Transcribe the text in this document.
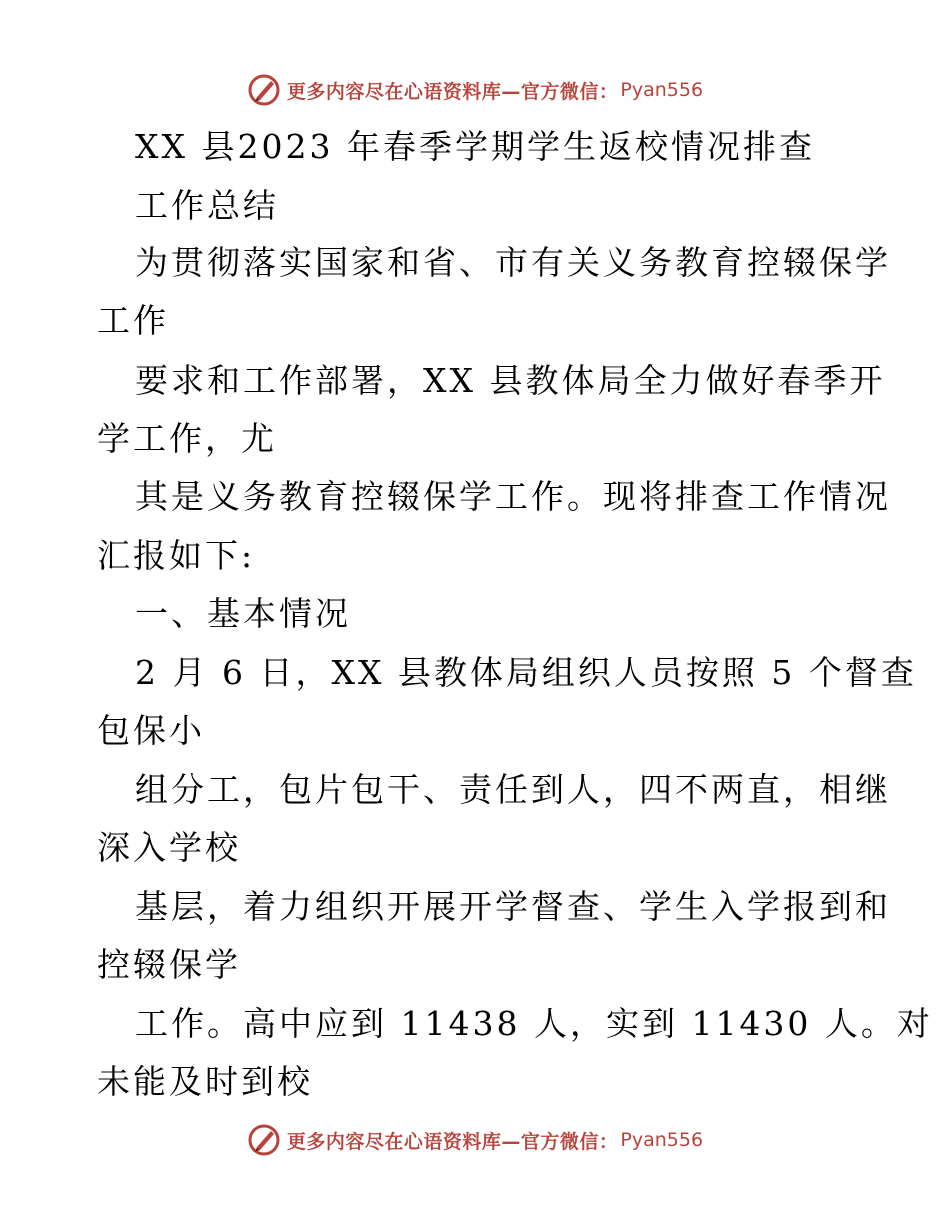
更多内容尽在心语资料库—官方微信： Pyan556
XX 县2023 年春季学期学生返校情况排查
工作总结
为贯彻落实国家和省、市有关义务教育控辍保学
工作
要求和工作部署，XX 县教体局全力做好春季开
学工作，尤
其是义务教育控辍保学工作。现将排查工作情况
汇报如下:
一、基本情况
2 月 6 日，XX 县教体局组织人员按照 5 个督查
包保小
组分工，包片包干、责任到人，四不两直，相继
深入学校
基层，着力组织开展开学督查、学生入学报到和
控辍保学
工作。高中应到 11438 人，实到 11430 人。对
未能及时到校
更多内容尽在心语资料库—官方微信： Pyan556
